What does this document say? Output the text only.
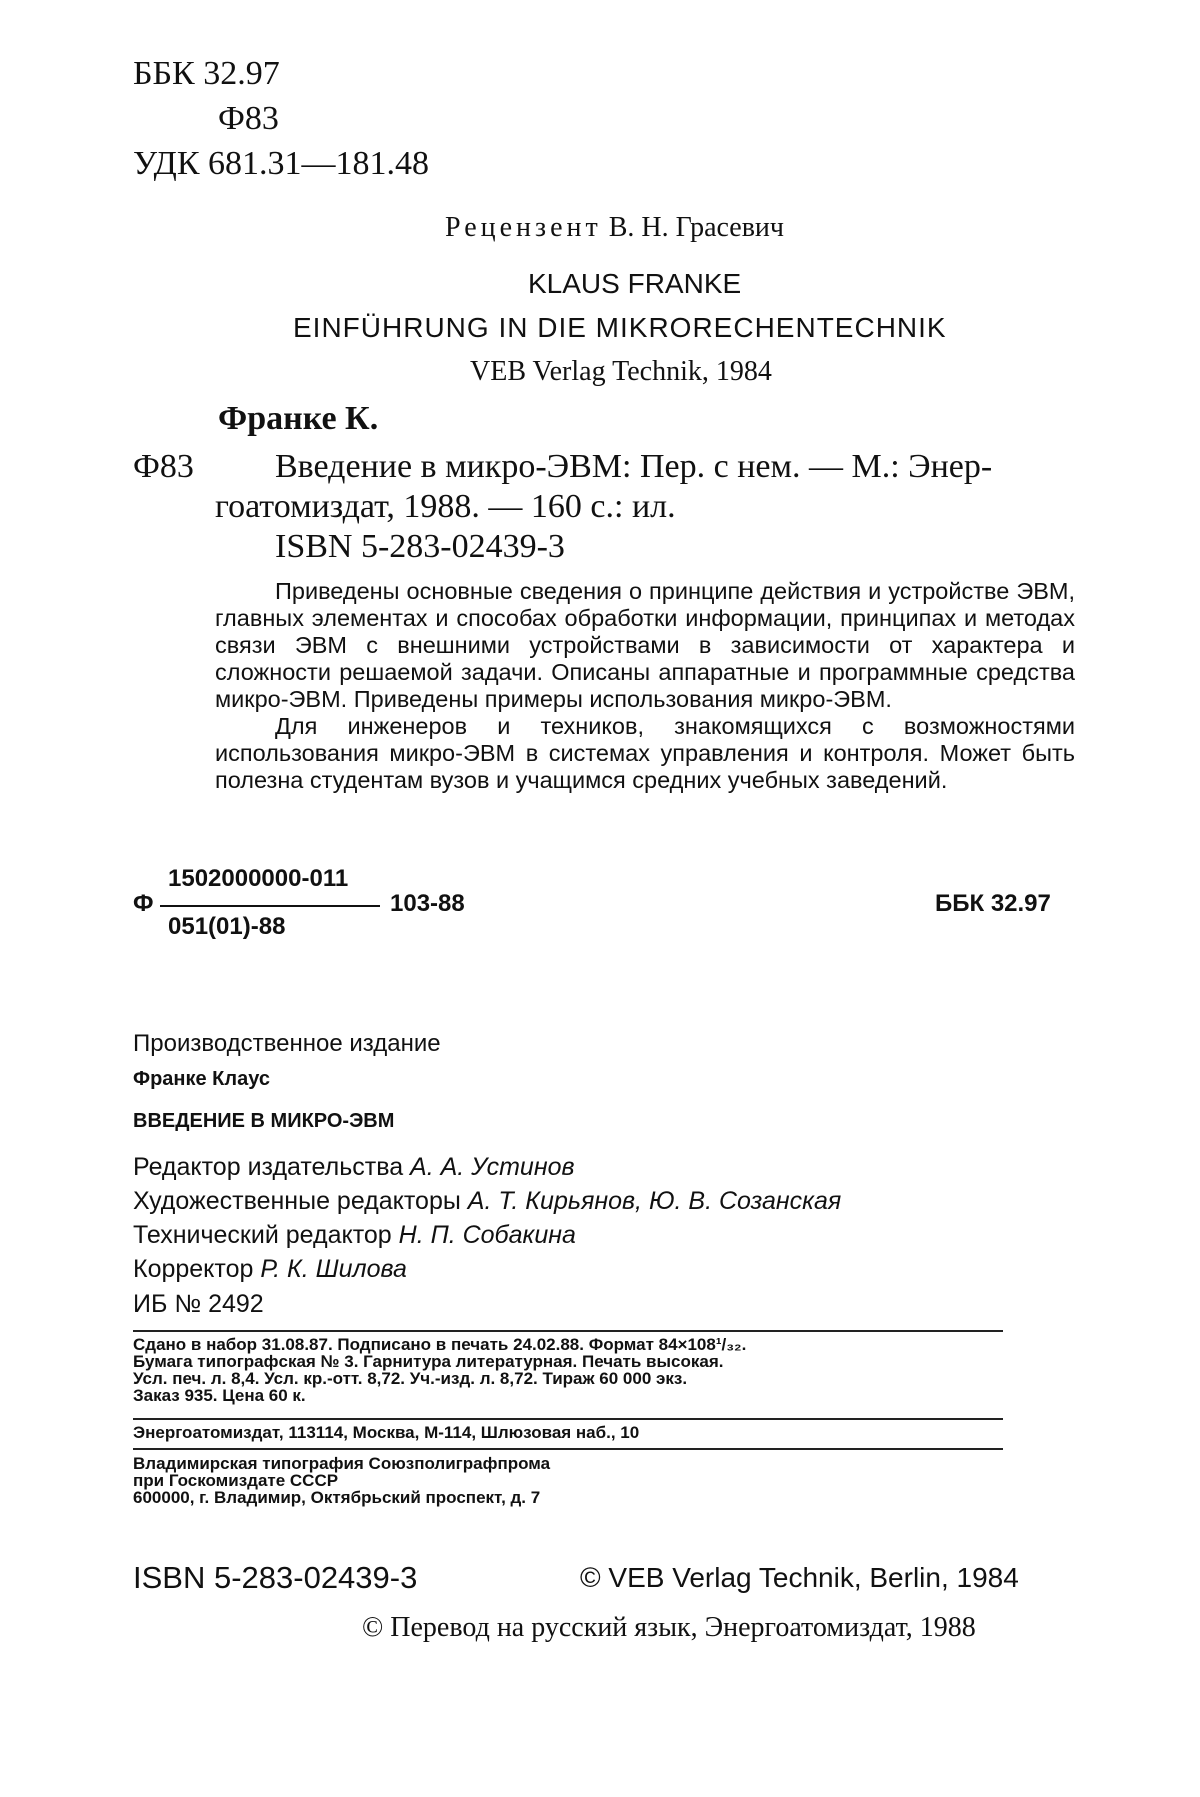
ББК 32.97
Ф83
УДК 681.31—181.48
Рецензент В. Н. Грасевич
KLAUS FRANKE
EINFÜHRUNG IN DIE MIKRORECHENTECHNIK
VEB Verlag Technik, 1984
Франке К.
Ф83 Введение в микро-ЭВМ: Пер. с нем. — М.: Энер-
гоатомиздат, 1988. — 160 с.: ил.
ISBN 5-283-02439-3

Приведены основные сведения о принципе действия и устройстве ЭВМ, главных элементах и способах обработки информации, принципах и методах связи ЭВМ с внешними устройствами в зависимости от характера и сложности решаемой задачи. Описаны аппаратные и программные средства микро-ЭВМ. Приведены примеры использования микро-ЭВМ.

Для инженеров и техников, знакомящихся с возможностями использования микро-ЭВМ в системах управления и контроля. Может быть полезна студентам вузов и учащимся средних учебных заведений.

Ф
1502000000-011
051(01)-88
103-88	ББК 32.97
Производственное издание
Франке Клаус
ВВЕДЕНИЕ В МИКРО-ЭВМ
Редактор издательства А. А. Устинов
Художественные редакторы А. Т. Кирьянов, Ю. В. Созанская
Технический редактор Н. П. Собакина
Корректор Р. К. Шилова
ИБ № 2492
Сдано в набор 31.08.87. Подписано в печать 24.02.88. Формат 84×108¹/₃₂.
Бумага типографская № 3. Гарнитура литературная. Печать высокая.
Усл. печ. л. 8,4. Усл. кр.-отт. 8,72. Уч.-изд. л. 8,72. Тираж 60 000 экз.
Заказ 935. Цена 60 к.
Энергоатомиздат, 113114, Москва, М-114, Шлюзовая наб., 10
Владимирская типография Союзполиграфпрома
при Госкомиздате СССР
600000, г. Владимир, Октябрьский проспект, д. 7
ISBN 5-283-02439-3	© VEB Verlag Technik, Berlin, 1984
© Перевод на русский язык, Энергоатомиздат, 1988
